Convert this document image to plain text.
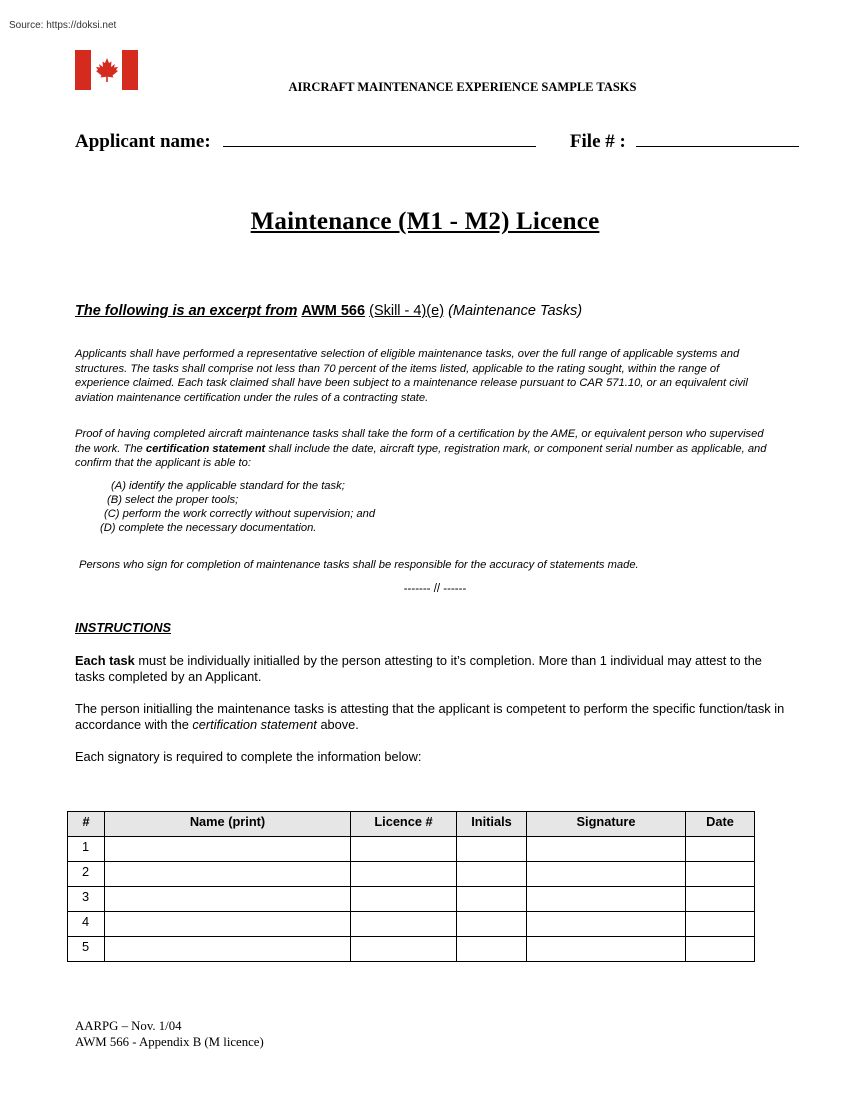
Source: https://doksi.net
AIRCRAFT MAINTENANCE EXPERIENCE SAMPLE TASKS
Applicant name:	File # :
Maintenance (M1 - M2) Licence
The following is an excerpt from AWM 566 (Skill - 4)(e) (Maintenance Tasks)
Applicants shall have performed a representative selection of eligible maintenance tasks, over the full range of applicable systems and structures. The tasks shall comprise not less than 70 percent of the items listed, applicable to the rating sought, within the range of experience claimed. Each task claimed shall have been subject to a maintenance release pursuant to CAR 571.10, or an equivalent civil aviation maintenance certification under the rules of a contracting state.
Proof of having completed aircraft maintenance tasks shall take the form of a certification by the AME, or equivalent person who supervised the work. The certification statement shall include the date, aircraft type, registration mark, or component serial number as applicable, and confirm that the applicant is able to:
(A) identify the applicable standard for the task;
(B) select the proper tools;
(C) perform the work correctly without supervision; and
(D) complete the necessary documentation.
Persons who sign for completion of maintenance tasks shall be responsible for the accuracy of statements made.
------- // ------
INSTRUCTIONS
Each task must be individually initialled by the person attesting to it’s completion. More than 1 individual may attest to the tasks completed by an Applicant.
The person initialling the maintenance tasks is attesting that the applicant is competent to perform the specific function/task in accordance with the certification statement above.
Each signatory is required to complete the information below:
#	Name (print)	Licence #	Initials	Signature	Date
1					
2					
3					
4					
5					
AARPG – Nov. 1/04
AWM 566 - Appendix B (M licence)
